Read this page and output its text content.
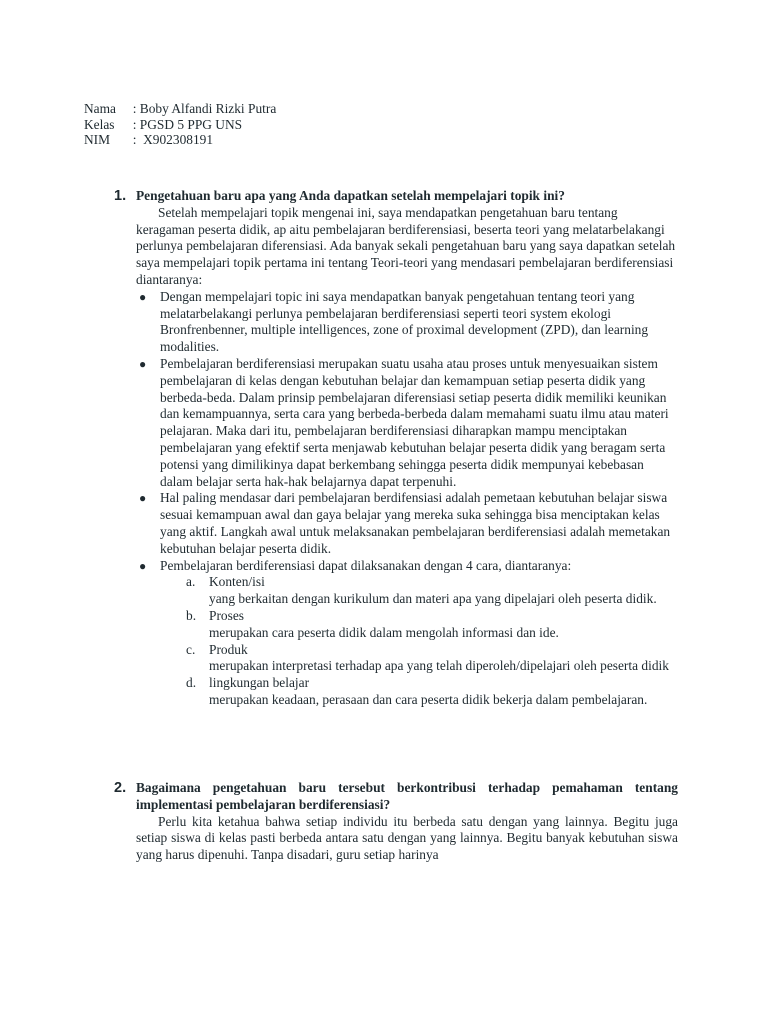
Nama : Boby Alfandi Rizki Putra
Kelas : PGSD 5 PPG UNS
NIM	:  X902308191
1. Pengetahuan baru apa yang Anda dapatkan setelah mempelajari topik ini?
Setelah mempelajari topik mengenai ini, saya mendapatkan pengetahuan baru tentang keragaman peserta didik, ap aitu pembelajaran berdiferensiasi, beserta teori yang melatarbelakangi perlunya pembelajaran diferensiasi. Ada banyak sekali pengetahuan baru yang saya dapatkan setelah saya mempelajari topik pertama ini tentang Teori-teori yang mendasari pembelajaran berdiferensiasi diantaranya:
● Dengan mempelajari topic ini saya mendapatkan banyak pengetahuan tentang teori yang melatarbelakangi perlunya pembelajaran berdiferensiasi seperti teori system ekologi Bronfrenbenner, multiple intelligences, zone of proximal development (ZPD), dan learning modalities.
● Pembelajaran berdiferensiasi merupakan suatu usaha atau proses untuk menyesuaikan sistem pembelajaran di kelas dengan kebutuhan belajar dan kemampuan setiap peserta didik yang berbeda-beda. Dalam prinsip pembelajaran diferensiasi setiap peserta didik memiliki keunikan dan kemampuannya, serta cara yang berbeda-berbeda dalam memahami suatu ilmu atau materi pelajaran. Maka dari itu, pembelajaran berdiferensiasi diharapkan mampu menciptakan pembelajaran yang efektif serta menjawab kebutuhan belajar peserta didik yang beragam serta potensi yang dimilikinya dapat berkembang sehingga peserta didik mempunyai kebebasan dalam belajar serta hak-hak belajarnya dapat terpenuhi.
● Hal paling mendasar dari pembelajaran berdifensiasi adalah pemetaan kebutuhan belajar siswa sesuai kemampuan awal dan gaya belajar yang mereka suka sehingga bisa menciptakan kelas yang aktif. Langkah awal untuk melaksanakan pembelajaran berdiferensiasi adalah memetakan kebutuhan belajar peserta didik.
● Pembelajaran berdiferensiasi dapat dilaksanakan dengan 4 cara, diantaranya:
a. Konten/isi
yang berkaitan dengan kurikulum dan materi apa yang dipelajari oleh peserta didik.
b. Proses
merupakan cara peserta didik dalam mengolah informasi dan ide.
c. Produk
merupakan interpretasi terhadap apa yang telah diperoleh/dipelajari oleh peserta didik
d. lingkungan belajar
merupakan keadaan, perasaan dan cara peserta didik bekerja dalam pembelajaran.
2. Bagaimana pengetahuan baru tersebut berkontribusi terhadap pemahaman tentang implementasi pembelajaran berdiferensiasi?
Perlu kita ketahua bahwa setiap individu itu berbeda satu dengan yang lainnya. Begitu juga setiap siswa di kelas pasti berbeda antara satu dengan yang lainnya. Begitu banyak kebutuhan siswa yang harus dipenuhi. Tanpa disadari, guru setiap harinya
